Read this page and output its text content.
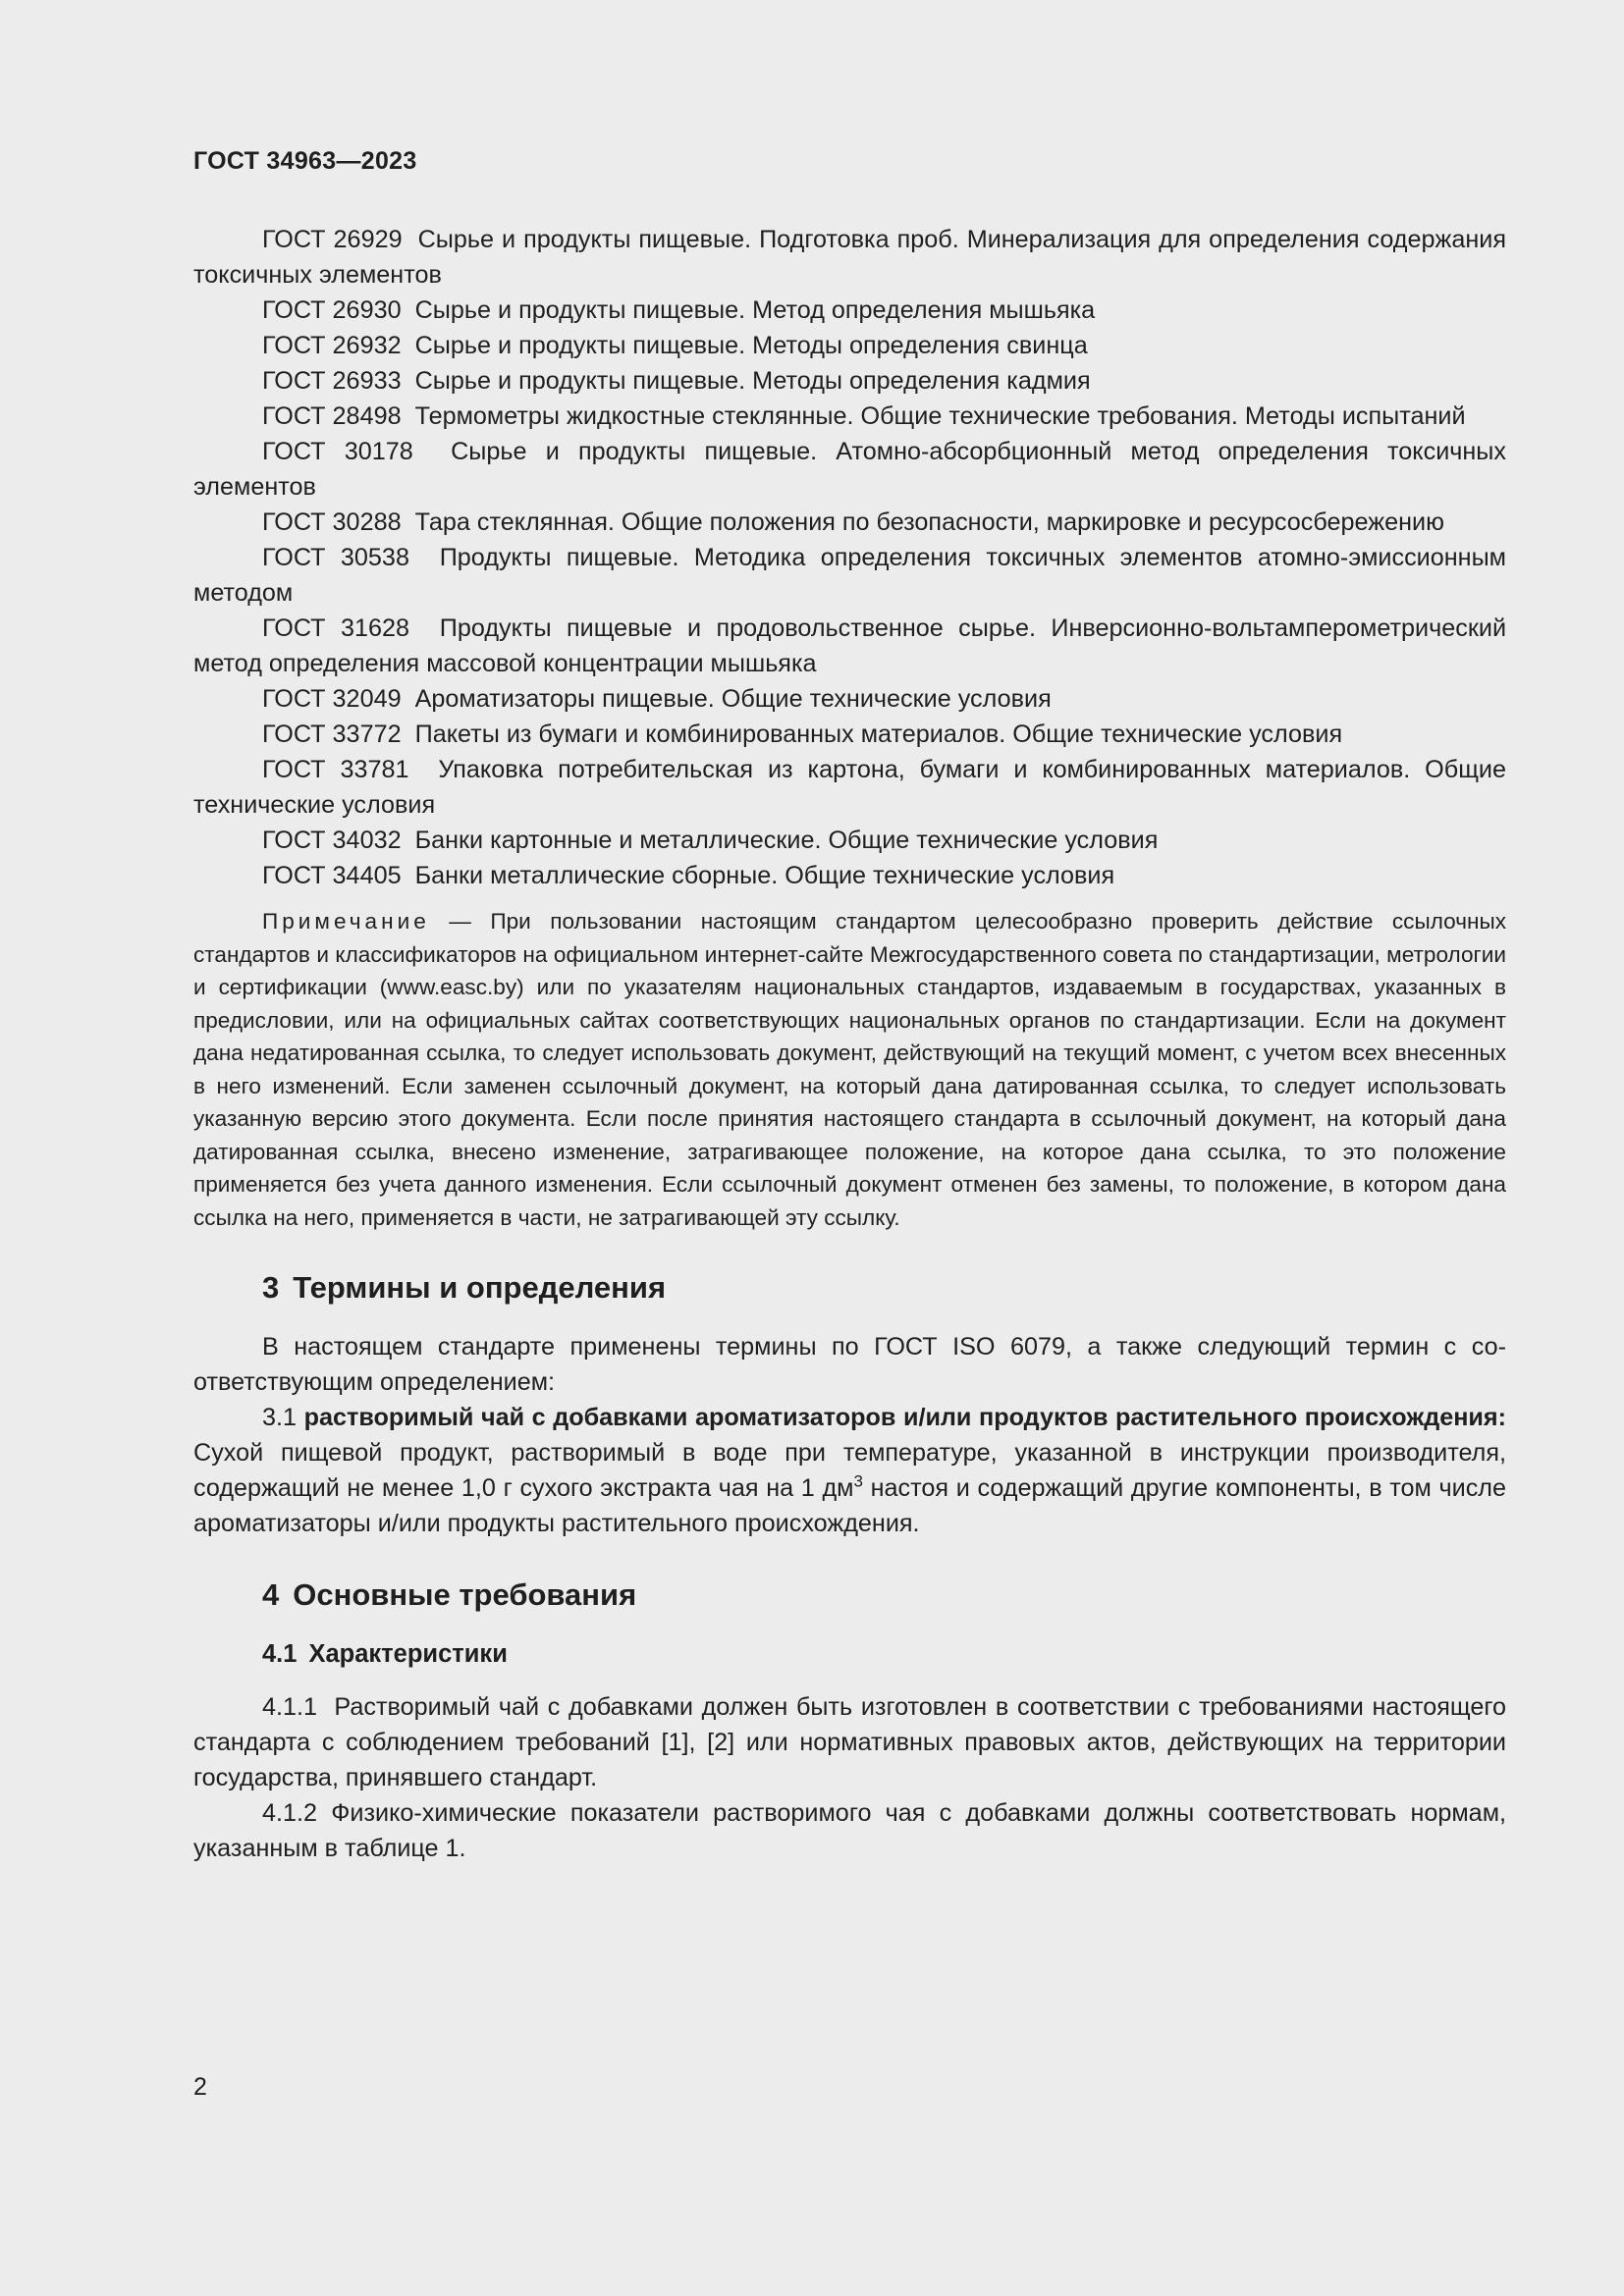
ГОСТ 34963—2023

ГОСТ 26929 Сырье и продукты пищевые. Подготовка проб. Минерализация для определения содержания токсичных элементов

ГОСТ 26930 Сырье и продукты пищевые. Метод определения мышьяка

ГОСТ 26932 Сырье и продукты пищевые. Методы определения свинца

ГОСТ 26933 Сырье и продукты пищевые. Методы определения кадмия

ГОСТ 28498 Термометры жидкостные стеклянные. Общие технические требования. Методы испытаний

ГОСТ 30178 Сырье и продукты пищевые. Атомно-абсорбционный метод определения токсичных элементов

ГОСТ 30288 Тара стеклянная. Общие положения по безопасности, маркировке и ресурсосбережению

ГОСТ 30538 Продукты пищевые. Методика определения токсичных элементов атомно-эмиссионным методом

ГОСТ 31628 Продукты пищевые и продовольственное сырье. Инверсионно-вольтамперометрический метод определения массовой концентрации мышьяка

ГОСТ 32049 Ароматизаторы пищевые. Общие технические условия

ГОСТ 33772 Пакеты из бумаги и комбинированных материалов. Общие технические условия

ГОСТ 33781 Упаковка потребительская из картона, бумаги и комбинированных материалов. Общие технические условия

ГОСТ 34032 Банки картонные и металлические. Общие технические условия

ГОСТ 34405 Банки металлические сборные. Общие технические условия

Примечание — При пользовании настоящим стандартом целесообразно проверить действие ссылочных стандартов и классификаторов на официальном интернет-сайте Межгосударственного совета по стандартизации, метрологии и сертификации (www.easc.by) или по указателям национальных стандартов, издаваемым в государствах, указанных в предисловии, или на официальных сайтах соответствующих национальных органов по стандартизации. Если на документ дана недатированная ссылка, то следует использовать документ, действующий на текущий момент, с учетом всех внесенных в него изменений. Если заменен ссылочный документ, на который дана датированная ссылка, то следует использовать указанную версию этого документа. Если после принятия настоящего стандарта в ссылочный документ, на который дана датированная ссылка, внесено изменение, затрагивающее положение, на которое дана ссылка, то это положение применяется без учета данного изменения. Если ссылочный документ отменен без замены, то положение, в котором дана ссылка на него, применяется в части, не затрагивающей эту ссылку.
3 Термины и определения

В настоящем стандарте применены термины по ГОСТ ISO 6079, а также следующий термин с соответствующим определением:

3.1 растворимый чай с добавками ароматизаторов и/или продуктов растительного происхождения: Сухой пищевой продукт, растворимый в воде при температуре, указанной в инструкции производителя, содержащий не менее 1,0 г сухого экстракта чая на 1 $дм^3$ настоя и содержащий другие компоненты, в том числе ароматизаторы и/или продукты растительного происхождения.

4 Основные требования
4.1 Характеристики

4.1.1 Растворимый чай с добавками должен быть изготовлен в соответствии с требованиями настоящего стандарта с соблюдением требований [1], [2] или нормативных правовых актов, действующих на территории государства, принявшего стандарт.

4.1.2 Физико-химические показатели растворимого чая с добавками должны соответствовать нормам, указанным в таблице 1.

2
